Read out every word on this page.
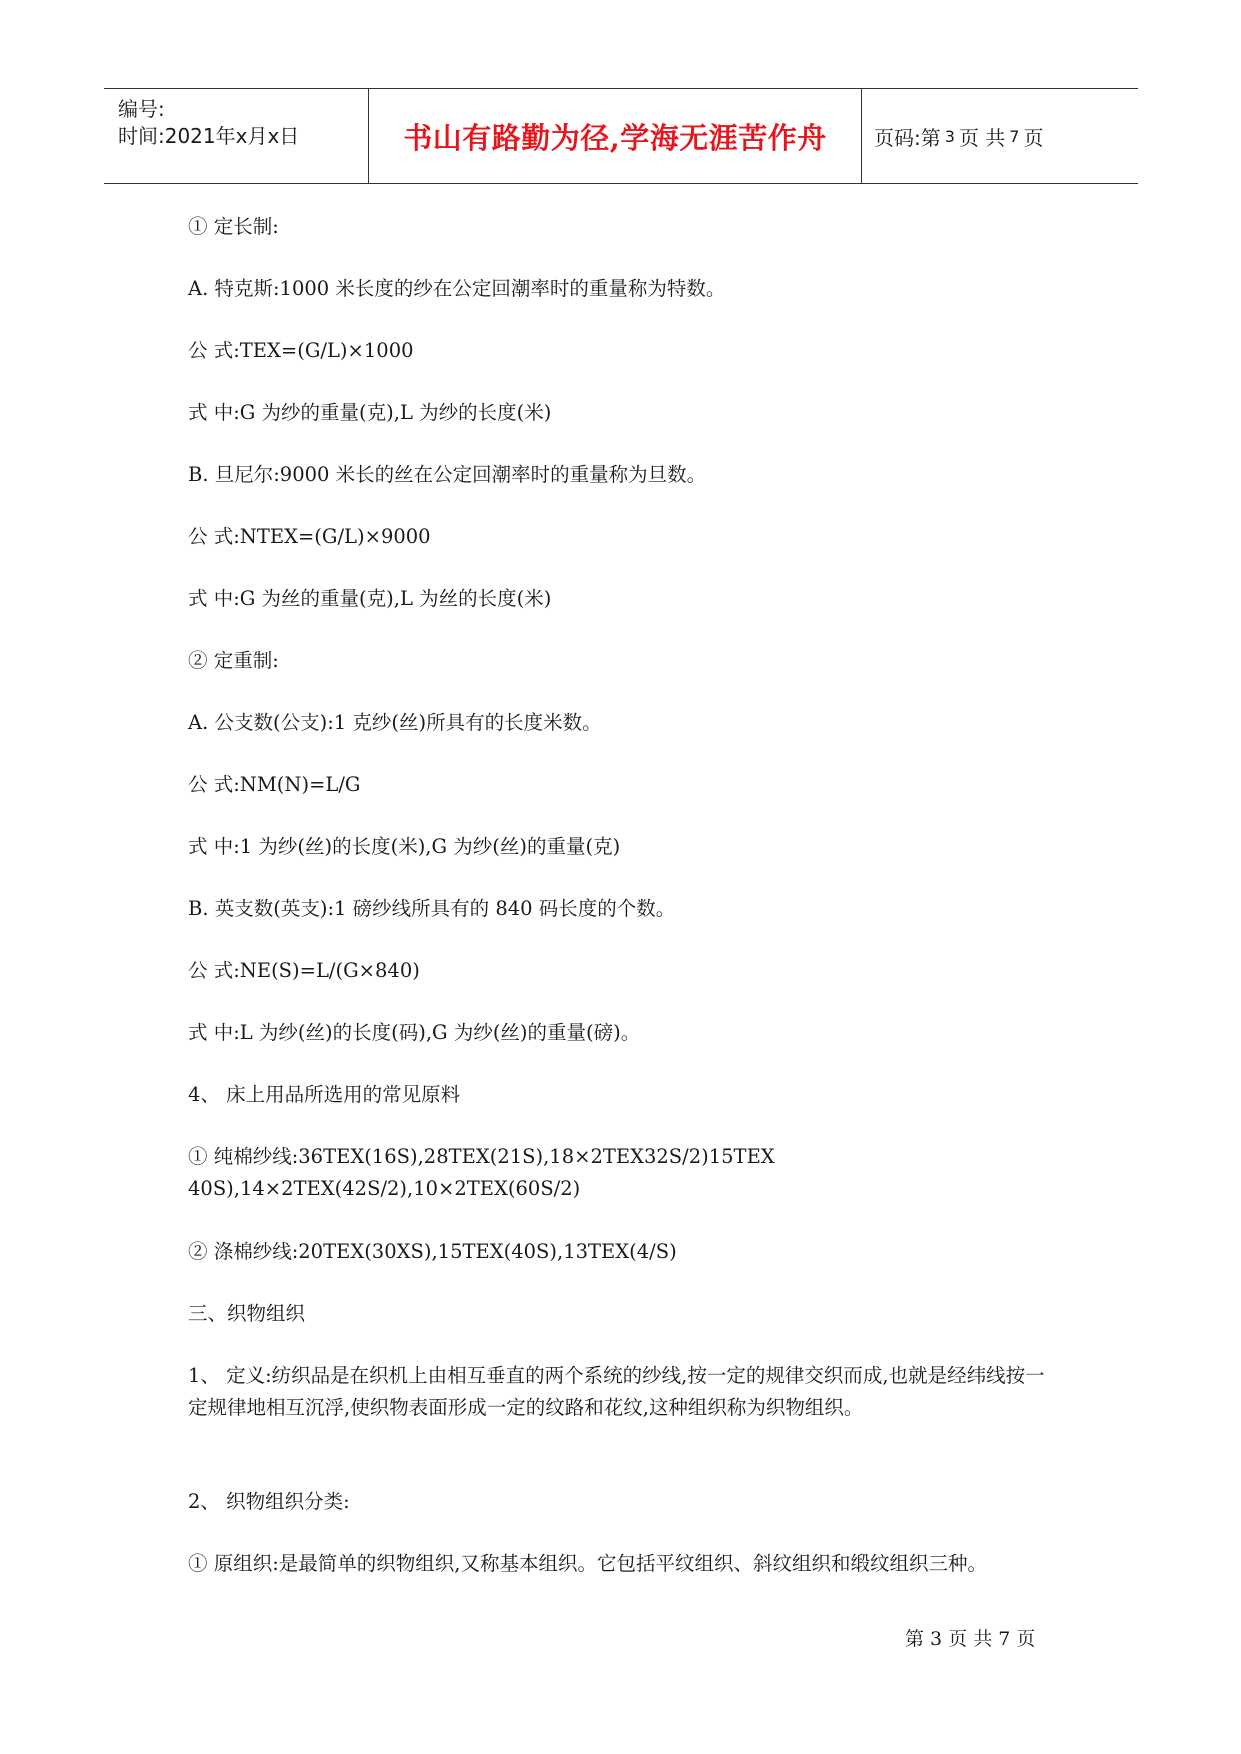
编号:
时间:2021年x月x日	书山有路勤为径,学海无涯苦作舟 页码:第 3 页 共 7 页
① 定长制:
A. 特克斯:1000 米长度的纱在公定回潮率时的重量称为特数。
公 式:TEX=(G/L)×1000
式 中:G 为纱的重量(克),L 为纱的长度(米)
B. 旦尼尔:9000 米长的丝在公定回潮率时的重量称为旦数。
公 式:NTEX=(G/L)×9000
式 中:G 为丝的重量(克),L 为丝的长度(米)
② 定重制:
A. 公支数(公支):1 克纱(丝)所具有的长度米数。
公 式:NM(N)=L/G
式 中:1 为纱(丝)的长度(米),G 为纱(丝)的重量(克)
B. 英支数(英支):1 磅纱线所具有的 840 码长度的个数。
公 式:NE(S)=L/(G×840)
式 中:L 为纱(丝)的长度(码),G 为纱(丝)的重量(磅)。
4、 床上用品所选用的常见原料
① 纯棉纱线:36TEX(16S),28TEX(21S),18×2TEX32S/2)15TEX 40S),14×2TEX(42S/2),10×2TEX(60S/2)
② 涤棉纱线:20TEX(30XS),15TEX(40S),13TEX(4/S)
三、织物组织
1、 定义:纺织品是在织机上由相互垂直的两个系统的纱线,按一定的规律交织而成,也就是经纬线按一定规律地相互沉浮,使织物表面形成一定的纹路和花纹,这种组织称为织物组织。
2、 织物组织分类:
① 原组织:是最简单的织物组织,又称基本组织。它包括平纹组织、斜纹组织和缎纹组织三种。
第 3 页 共 7 页
